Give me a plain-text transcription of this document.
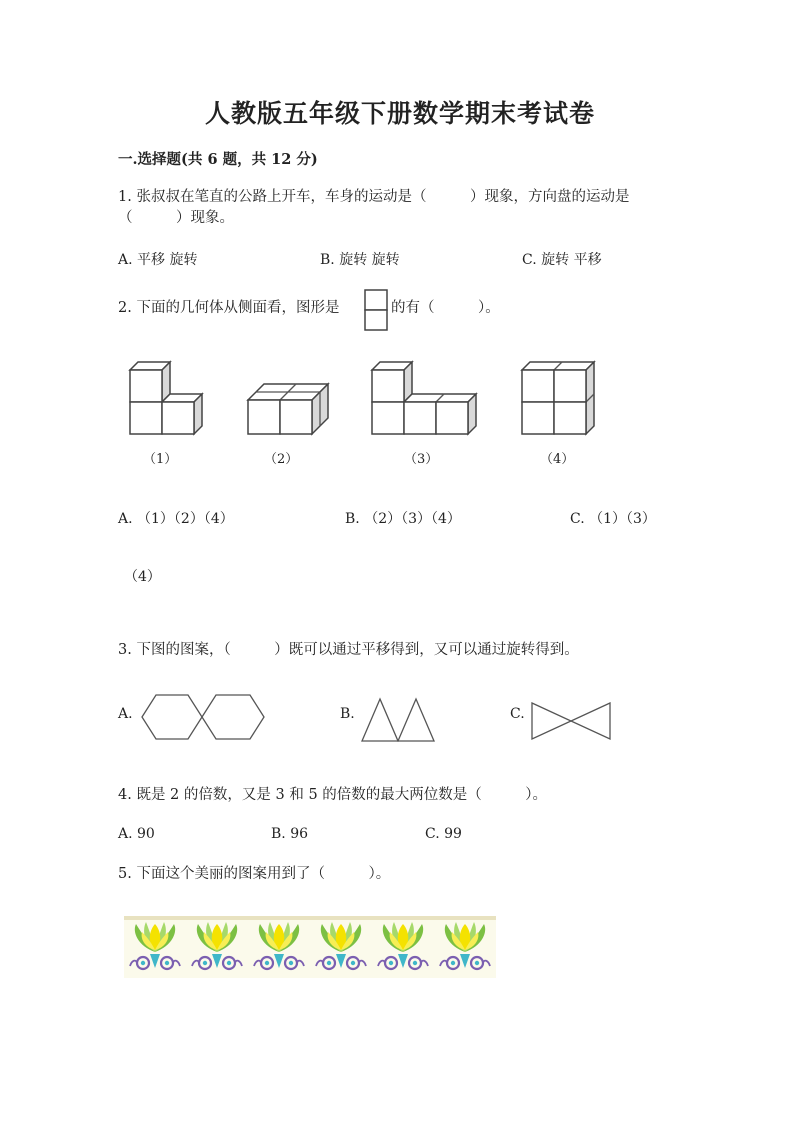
人教版五年级下册数学期末考试卷
一.选择题(共 6 题，共 12 分)
1. 张叔叔在笔直的公路上开车，车身的运动是（　　　）现象，方向盘的运动是
（　　　）现象。
A. 平移 旋转	B. 旋转 旋转	C. 旋转 平移
2. 下面的几何体从侧面看，图形是	的有（　　　）。
（1）	（2）	（3）	（4）
A. （1）（2）（4）	B. （2）（3）（4）	C. （1）（3）
（4）
3. 下图的图案，（　　　）既可以通过平移得到，又可以通过旋转得到。
A.	B.	C.
4. 既是 2 的倍数，又是 3 和 5 的倍数的最大两位数是（　　　）。
A. 90	B. 96	C. 99
5. 下面这个美丽的图案用到了（　　　）。
